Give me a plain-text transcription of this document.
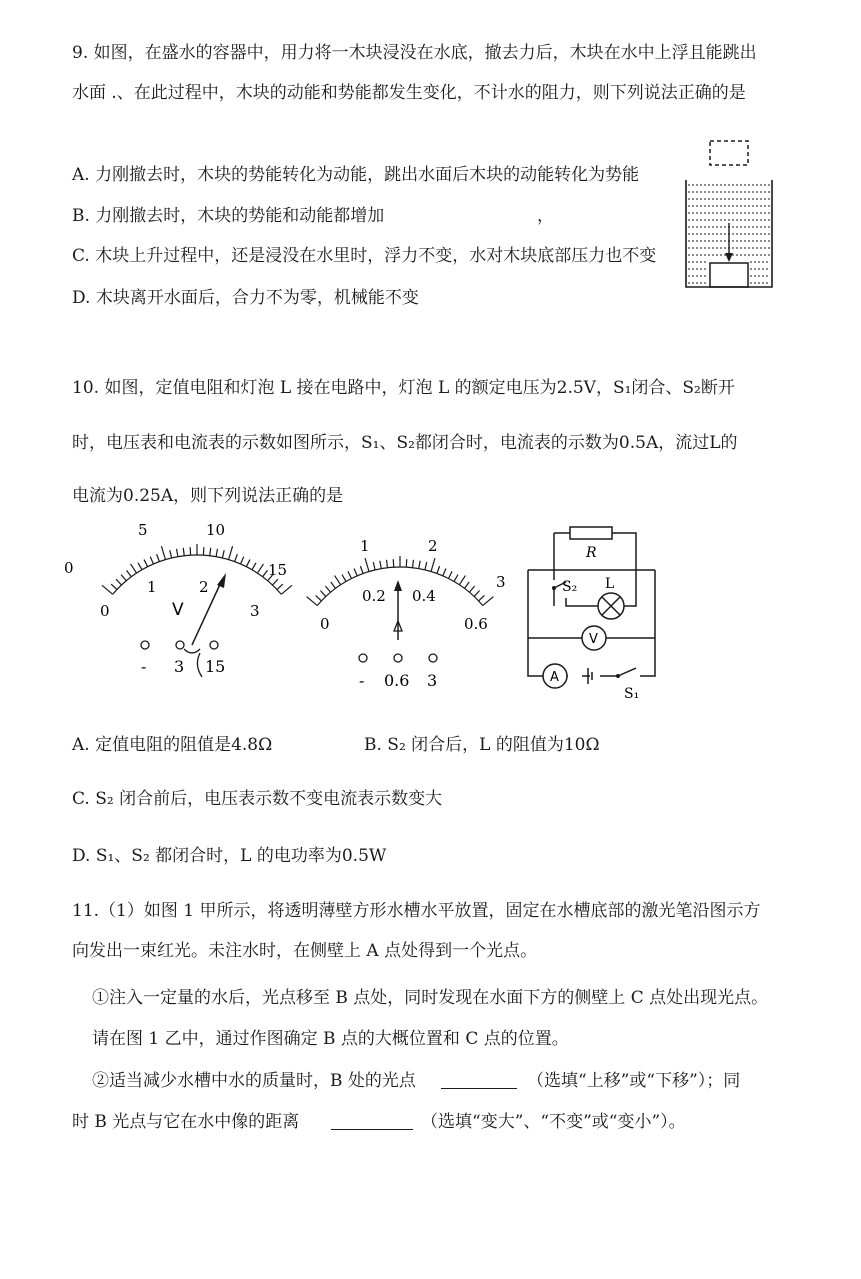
9. 如图，在盛水的容器中，用力将一木块浸没在水底，撤去力后，木块在水中上浮且能跳出
水面 .、在此过程中，木块的动能和势能都发生变化，不计水的阻力，则下列说法正确的是
A. 力刚撤去时，木块的势能转化为动能，跳出水面后木块的动能转化为势能
B. 力刚撤去时，木块的势能和动能都增加	，
C. 木块上升过程中，还是浸没在水里时，浮力不变，水对木块底部压力也不变
D. 木块离开水面后，合力不为零，机械能不变
10. 如图，定值电阻和灯泡 L 接在电路中，灯泡 L 的额定电压为2.5V，S₁闭合、S₂断开
时，电压表和电流表的示数如图所示，S₁、S₂都闭合时，电流表的示数为0.5A，流过L的
电流为0.25A，则下列说法正确的是
0
5	10
15
0
1	2
3
V
- 3 15
1	2
3
0
0.2 0.4
0.6
- 0.6 3
R
S₂ L
V
A
S₁
A. 定值电阻的阻值是4.8Ω	B. S₂ 闭合后，L 的阻值为10Ω
C. S₂ 闭合前后，电压表示数不变电流表示数变大
D. S₁、S₂ 都闭合时，L 的电功率为0.5W
11.（1）如图 1 甲所示，将透明薄壁方形水槽水平放置，固定在水槽底部的激光笔沿图示方
向发出一束红光。未注水时，在侧壁上 A 点处得到一个光点。
①注入一定量的水后，光点移至 B 点处，同时发现在水面下方的侧壁上 C 点处出现光点。
请在图 1 乙中，通过作图确定 B 点的大概位置和 C 点的位置。
②适当减少水槽中水的质量时，B 处的光点	（选填“上移”或“下移”）；同
时 B 光点与它在水中像的距离	（选填“变大”、“不变”或“变小”）。
